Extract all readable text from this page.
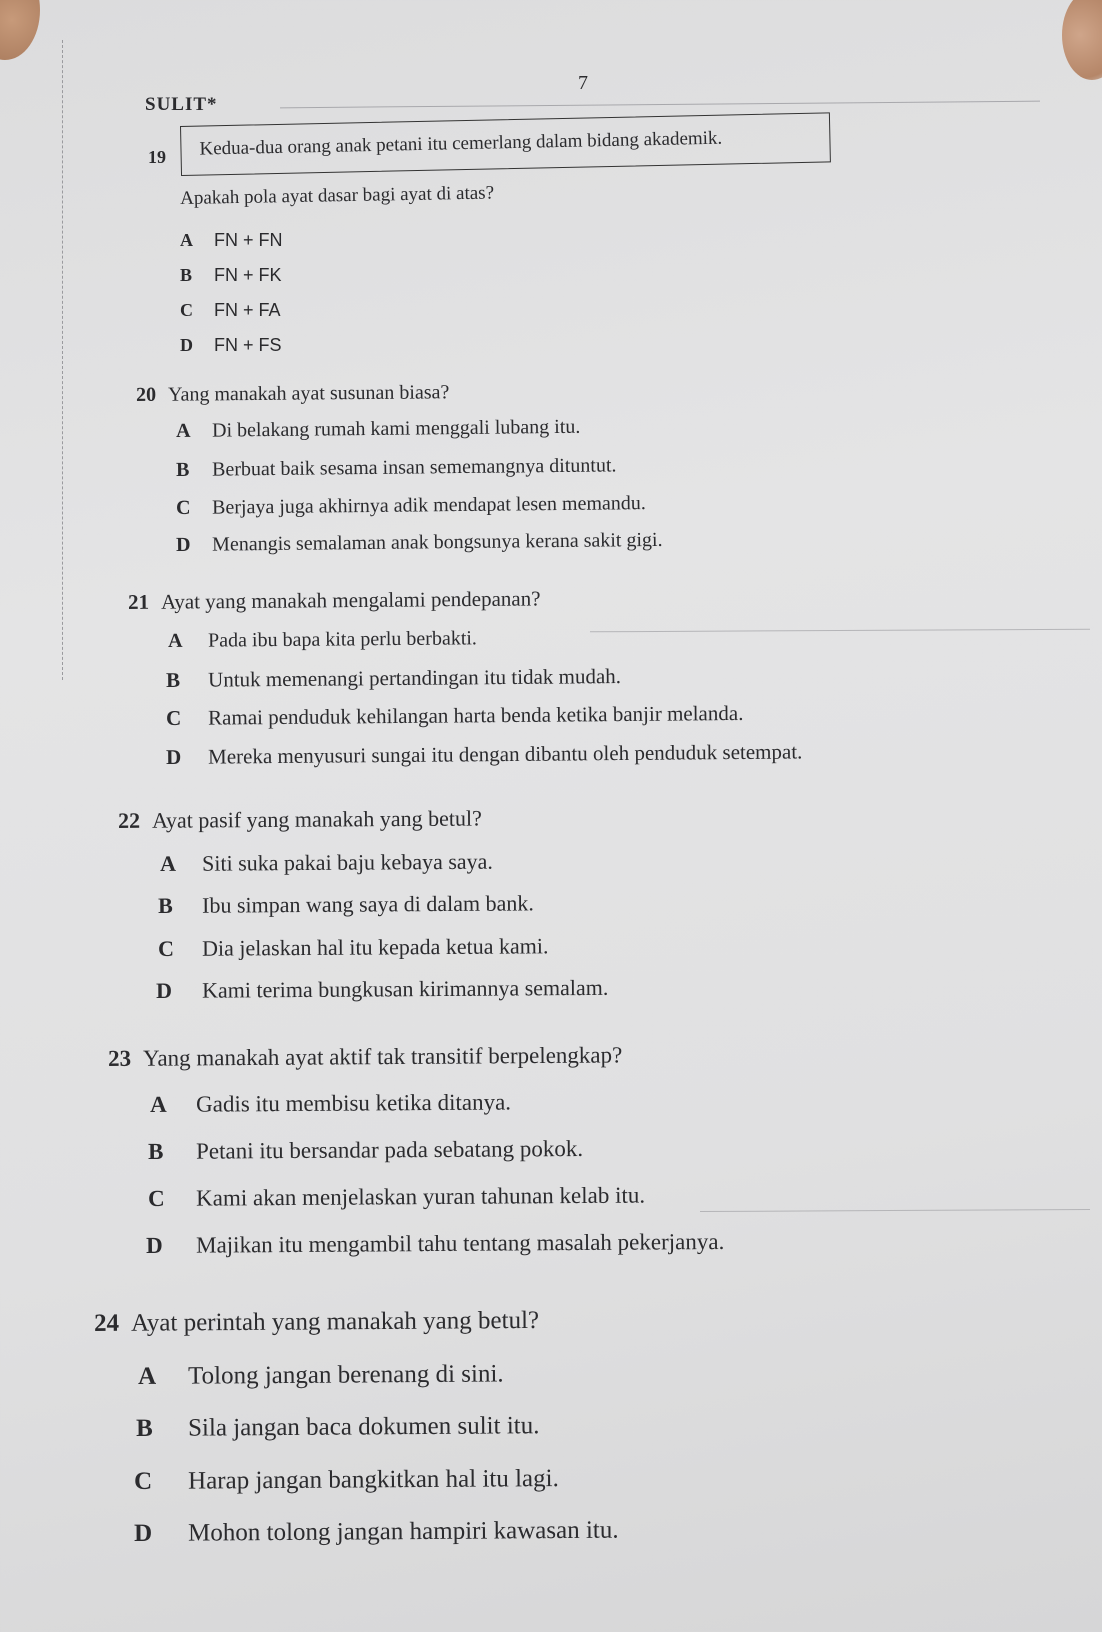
7
SULIT*
19	Kedua-dua orang anak petani itu cemerlang dalam bidang akademik.
Apakah pola ayat dasar bagi ayat di atas?
A FN + FN
B FN + FK
C FN + FA
D FN + FS
20 Yang manakah ayat susunan biasa?
A Di belakang rumah kami menggali lubang itu.
B Berbuat baik sesama insan sememangnya dituntut.
C Berjaya juga akhirnya adik mendapat lesen memandu.
D Menangis semalaman anak bongsunya kerana sakit gigi.
21 Ayat yang manakah mengalami pendepanan?
A Pada ibu bapa kita perlu berbakti.
B Untuk memenangi pertandingan itu tidak mudah.
C Ramai penduduk kehilangan harta benda ketika banjir melanda.
D Mereka menyusuri sungai itu dengan dibantu oleh penduduk setempat.
22 Ayat pasif yang manakah yang betul?
A Siti suka pakai baju kebaya saya.
B Ibu simpan wang saya di dalam bank.
C Dia jelaskan hal itu kepada ketua kami.
D Kami terima bungkusan kirimannya semalam.
23 Yang manakah ayat aktif tak transitif berpelengkap?
A Gadis itu membisu ketika ditanya.
B Petani itu bersandar pada sebatang pokok.
C Kami akan menjelaskan yuran tahunan kelab itu.
D Majikan itu mengambil tahu tentang masalah pekerjanya.
24 Ayat perintah yang manakah yang betul?
A Tolong jangan berenang di sini.
B Sila jangan baca dokumen sulit itu.
C Harap jangan bangkitkan hal itu lagi.
D Mohon tolong jangan hampiri kawasan itu.
